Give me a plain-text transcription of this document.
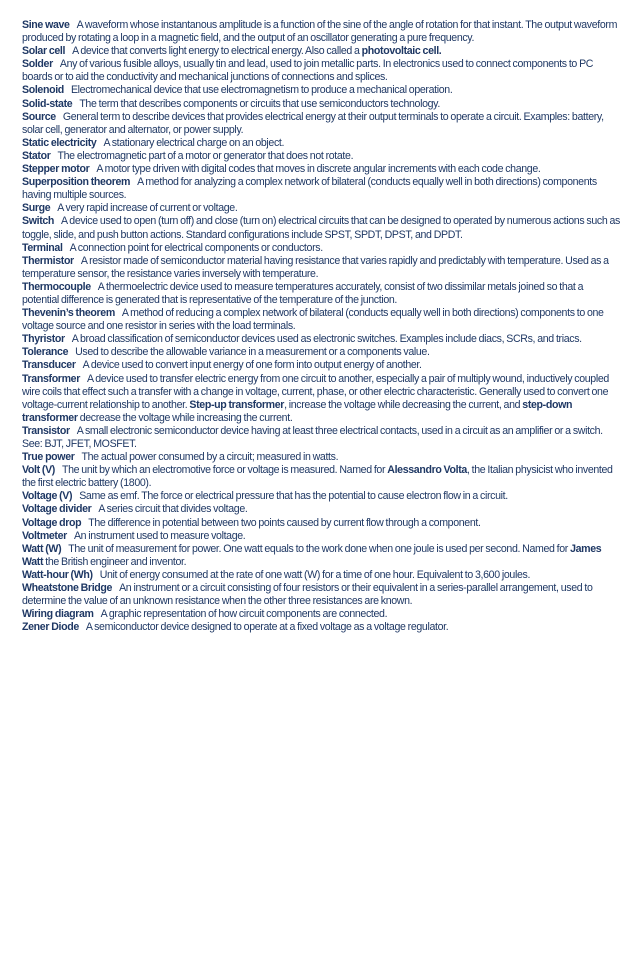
Sine wave A waveform whose instantanous amplitude is a function of the sine of the angle of rotation for that instant. The output waveform produced by rotating a loop in a magnetic field, and the output of an oscillator generating a pure frequency.

Solar cell A device that converts light energy to electrical energy. Also called a photovoltaic cell.

Solder Any of various fusible alloys, usually tin and lead, used to join metallic parts. In electronics used to connect components to PC boards or to aid the conductivity and mechanical junctions of connections and splices.

Solenoid Electromechanical device that use electromagnetism to produce a mechanical operation.

Solid-state The term that describes components or circuits that use semiconductors technology.

Source General term to describe devices that provides electrical energy at their output terminals to operate a circuit. Examples: battery, solar cell, generator and alternator, or power supply.

Static electricity A stationary electrical charge on an object.

Stator The electromagnetic part of a motor or generator that does not rotate.

Stepper motor A motor type driven with digital codes that moves in discrete angular increments with each code change.

Superposition theorem A method for analyzing a complex network of bilateral (conducts equally well in both directions) components having multiple sources.

Surge A very rapid increase of current or voltage.

Switch A device used to open (turn off) and close (turn on) electrical circuits that can be designed to operated by numerous actions such as toggle, slide, and push button actions. Standard configurations include SPST, SPDT, DPST, and DPDT.

Terminal A connection point for electrical components or conductors.

Thermistor A resistor made of semiconductor material having resistance that varies rapidly and predictably with temperature. Used as a temperature sensor, the resistance varies inversely with temperature.

Thermocouple A thermoelectric device used to measure temperatures accurately, consist of two dissimilar metals joined so that a potential difference is generated that is representative of the temperature of the junction.

Thevenin’s theorem A method of reducing a complex network of bilateral (conducts equally well in both directions) components to one voltage source and one resistor in series with the load terminals.

Thyristor A broad classification of semiconductor devices used as electronic switches. Examples include diacs, SCRs, and triacs.

Tolerance Used to describe the allowable variance in a measurement or a components value.

Transducer A device used to convert input energy of one form into output energy of another.

Transformer A device used to transfer electric energy from one circuit to another, especially a pair of multiply wound, inductively coupled wire coils that effect such a transfer with a change in voltage, current, phase, or other electric characteristic. Generally used to convert one voltage-current relationship to another. Step-up transformer, increase the voltage while decreasing the current, and step-down transformer decrease the voltage while increasing the current.

Transistor A small electronic semiconductor device having at least three electrical contacts, used in a circuit as an amplifier or a switch. See: BJT, JFET, MOSFET.

True power The actual power consumed by a circuit; measured in watts.

Volt (V) The unit by which an electromotive force or voltage is measured. Named for Alessandro Volta, the Italian physicist who invented the first electric battery (1800).

Voltage (V) Same as emf. The force or electrical pressure that has the potential to cause electron flow in a circuit.

Voltage divider A series circuit that divides voltage.

Voltage drop The difference in potential between two points caused by current flow through a component.

Voltmeter An instrument used to measure voltage.

Watt (W) The unit of measurement for power. One watt equals to the work done when one joule is used per second. Named for James Watt the British engineer and inventor.

Watt-hour (Wh) Unit of energy consumed at the rate of one watt (W) for a time of one hour. Equivalent to 3,600 joules.

Wheatstone Bridge An instrument or a circuit consisting of four resistors or their equivalent in a series-parallel arrangement, used to determine the value of an unknown resistance when the other three resistances are known.

Wiring diagram A graphic representation of how circuit components are connected.

Zener Diode A semiconductor device designed to operate at a fixed voltage as a voltage regulator.
